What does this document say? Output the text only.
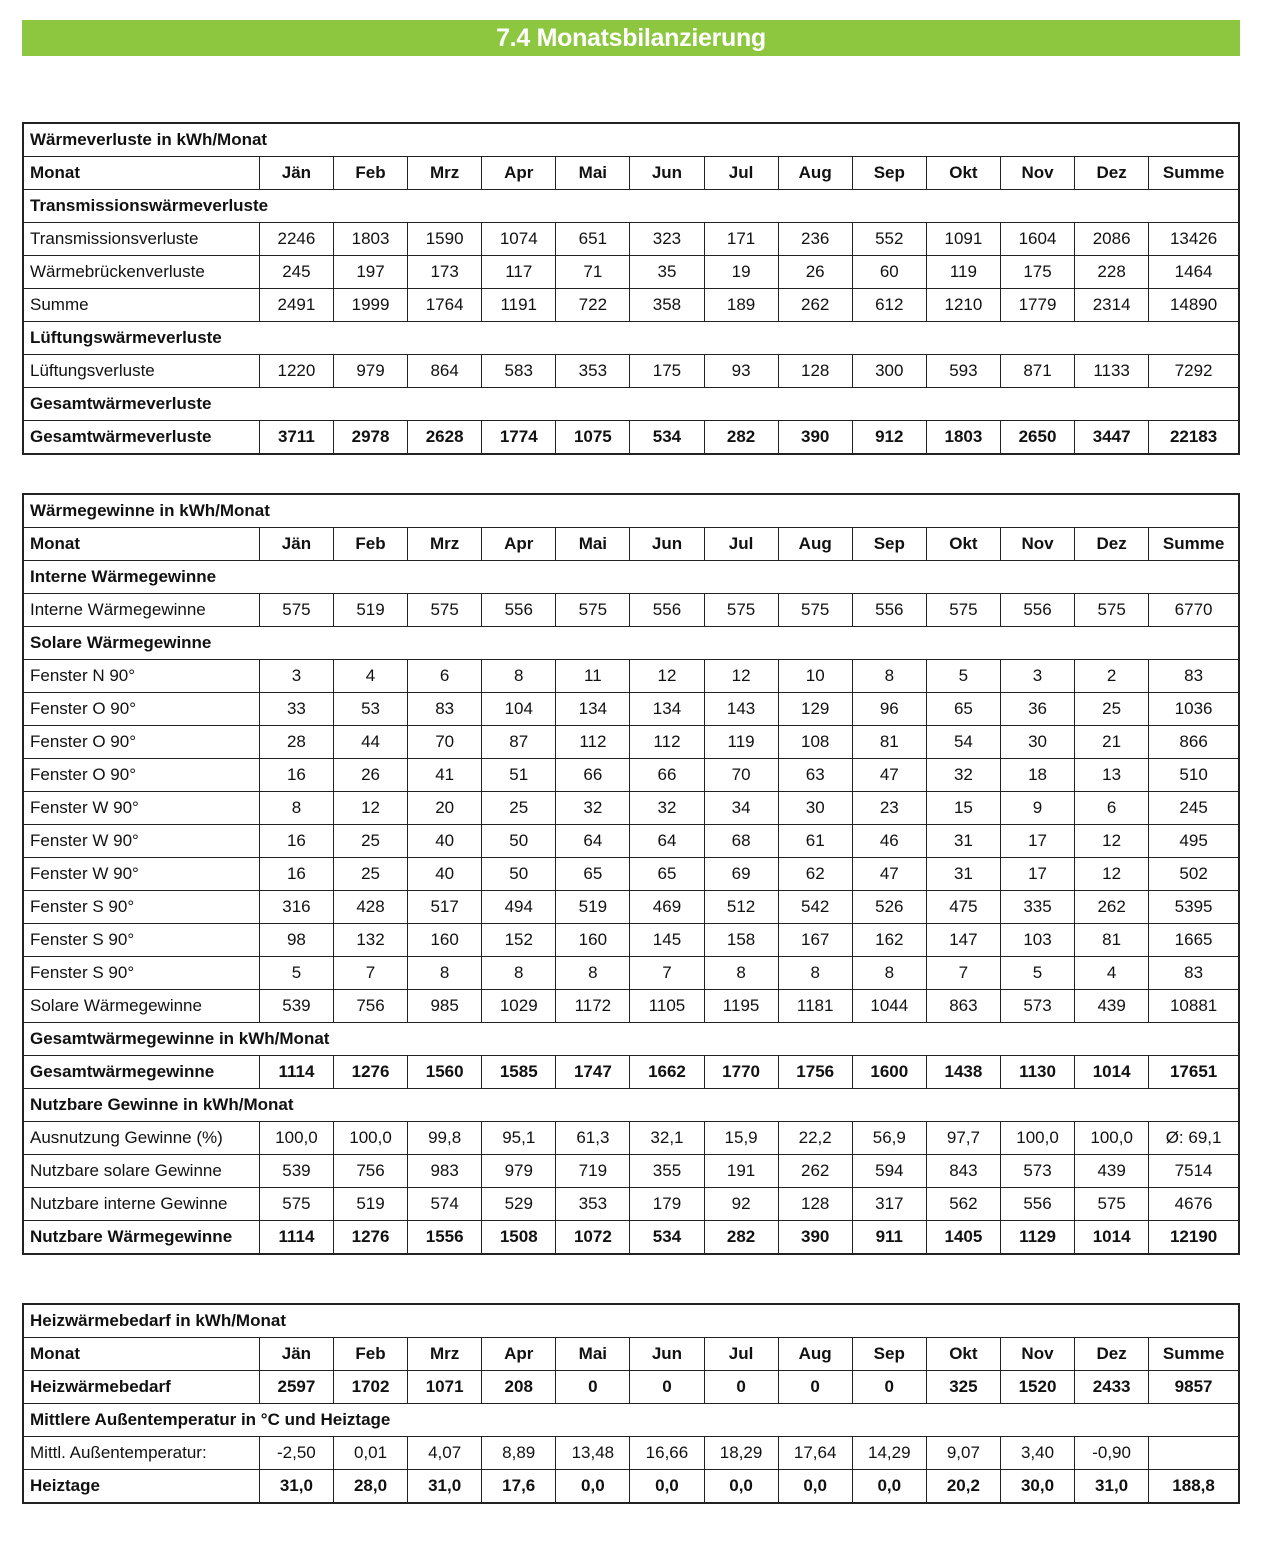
7.4 Monatsbilanzierung
Wärmeverluste in kWh/Monat													
Monat	Jän	Feb	Mrz	Apr	Mai	Jun	Jul	Aug	Sep	Okt	Nov	Dez	Summe
Transmissionswärmeverluste													
Transmissionsverluste	2246	1803	1590	1074	651	323	171	236	552	1091	1604	2086	13426
Wärmebrückenverluste	245	197	173	117	71	35	19	26	60	119	175	228	1464
Summe	2491	1999	1764	1191	722	358	189	262	612	1210	1779	2314	14890
Lüftungswärmeverluste													
Lüftungsverluste	1220	979	864	583	353	175	93	128	300	593	871	1133	7292
Gesamtwärmeverluste													
Gesamtwärmeverluste	3711	2978	2628	1774	1075	534	282	390	912	1803	2650	3447	22183
Wärmegewinne in kWh/Monat													
Monat	Jän	Feb	Mrz	Apr	Mai	Jun	Jul	Aug	Sep	Okt	Nov	Dez	Summe
Interne Wärmegewinne													
Interne Wärmegewinne	575	519	575	556	575	556	575	575	556	575	556	575	6770
Solare Wärmegewinne													
Fenster N 90°	3	4	6	8	11	12	12	10	8	5	3	2	83
Fenster O 90°	33	53	83	104	134	134	143	129	96	65	36	25	1036
Fenster O 90°	28	44	70	87	112	112	119	108	81	54	30	21	866
Fenster O 90°	16	26	41	51	66	66	70	63	47	32	18	13	510
Fenster W 90°	8	12	20	25	32	32	34	30	23	15	9	6	245
Fenster W 90°	16	25	40	50	64	64	68	61	46	31	17	12	495
Fenster W 90°	16	25	40	50	65	65	69	62	47	31	17	12	502
Fenster S 90°	316	428	517	494	519	469	512	542	526	475	335	262	5395
Fenster S 90°	98	132	160	152	160	145	158	167	162	147	103	81	1665
Fenster S 90°	5	7	8	8	8	7	8	8	8	7	5	4	83
Solare Wärmegewinne	539	756	985	1029	1172	1105	1195	1181	1044	863	573	439	10881
Gesamtwärmegewinne in kWh/Monat													
Gesamtwärmegewinne	1114	1276	1560	1585	1747	1662	1770	1756	1600	1438	1130	1014	17651
Nutzbare Gewinne in kWh/Monat													
Ausnutzung Gewinne (%)	100,0	100,0	99,8	95,1	61,3	32,1	15,9	22,2	56,9	97,7	100,0	100,0	Ø: 69,1
Nutzbare solare Gewinne	539	756	983	979	719	355	191	262	594	843	573	439	7514
Nutzbare interne Gewinne	575	519	574	529	353	179	92	128	317	562	556	575	4676
Nutzbare Wärmegewinne	1114	1276	1556	1508	1072	534	282	390	911	1405	1129	1014	12190
Heizwärmebedarf in kWh/Monat													
Monat	Jän	Feb	Mrz	Apr	Mai	Jun	Jul	Aug	Sep	Okt	Nov	Dez	Summe
Heizwärmebedarf	2597	1702	1071	208	0	0	0	0	0	325	1520	2433	9857
Mittlere Außentemperatur in °C und Heiztage													
Mittl. Außentemperatur:	-2,50	0,01	4,07	8,89	13,48	16,66	18,29	17,64	14,29	9,07	3,40	-0,90	
Heiztage	31,0	28,0	31,0	17,6	0,0	0,0	0,0	0,0	0,0	20,2	30,0	31,0	188,8
